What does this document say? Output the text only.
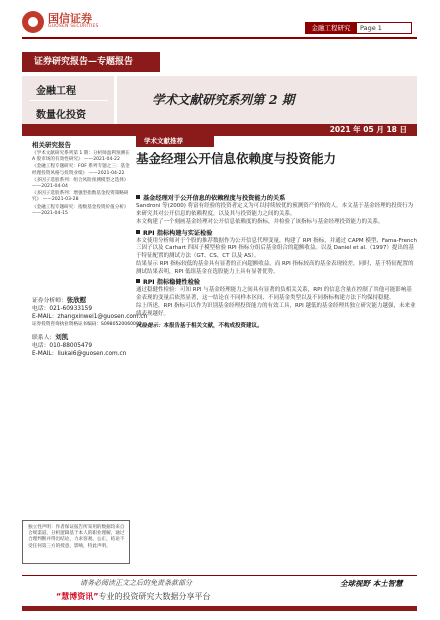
国信证券
GUOSEN SECURITIES	金融工程研究	Page 1
证券研究报告—专题报告
金融工程
数量化投资
学术文献研究系列第 2 期
2021 年 05 月 18 日
学术文献推荐
相关研究报告
《学术文献研究系列第 1 期：分析师盈利预测在 A 股市场的有效性研究》 ——2021-04-22
《金融工程专题研究：FOF 系列专题之三：基金经理投资风格与投资业绩》 ——2021-04-22
《多因子选股系列：组合风险预测模型之选择》 ——2021-04-04
《多因子选股系列：增强型指数基金投资策略研究》 ——2021-03-28
《金融工程专题研究：指数基金投资价值分析》 ——2021-04-15
证券分析师：张欣慰
电话：021-60933159
E-MAIL：zhangxinwei1@guosen.com.cn
证券投资咨询执业资格证书编码：S0980520060001
联系人：刘凯
电话：010-88005479
E-MAIL：liukai6@guosen.com.cn
基金经理公开信息依赖度与投资能力
基金经理对于公开信息的依赖程度与投资能力的关系

Sandroni 等(2000) 将富有经验的投资者定义为可以持续较优的预测资产价格的人。本文基于基金经理的投资行为来研究其对公开信息的依赖程度，以及其与投资能力之间的关系。

本文构建了一个刻画基金经理对公开信息依赖度的指标，并检验了该指标与基金经理投资能力的关系。

RPI 指标构建与实证检验

本文使用分析师对于个股的推荐数据作为公开信息代理变量，构建了 RPI 指标，并通过 CAPM 模型、Fama-French 三因子以及 Carhart 四因子模型检验 RPI 指标分组后基金组合的超额收益。以及 Daniel et al.（1997）提出的基于特征配置的测试方法（GT、CS、CT 以及 AS）。

结果显示 RPI 指标较低的基金具有显著的正向超额收益，而 RPI 指标较高的基金表现较差。同时，基于特征配置的测试结果表明，RPI 低组基金在选股能力上具有显著优势。

RPI 指标稳健性检验

通过稳健性检验：可知 RPI 与基金经理能力之间具有显著的负相关关系，RPI 的信息含量在控制了其他可能影响基金表现的变量后依然显著，这一结论在不同样本区间、不同基金类型以及不同指标构建方法下均保持稳健。

综上所述，RPI 指标可以作为识别基金经理投资能力的有效工具，RPI 越低的基金经理其独立研究能力越强，未来业绩表现越好。

风险提示：本报告基于相关文献，不构成投资建议。
独立性声明：作者保证报告所采用的数据均来自合规渠道，分析逻辑基于本人的职业理解，通过合理判断并得出结论，力求客观、公正，结论不受任何第三方的授意、影响，特此声明。
请务必阅读正文之后的免责条款部分	全球视野 本土智慧
“慧博资讯”专业的投资研究大数据分享平台
